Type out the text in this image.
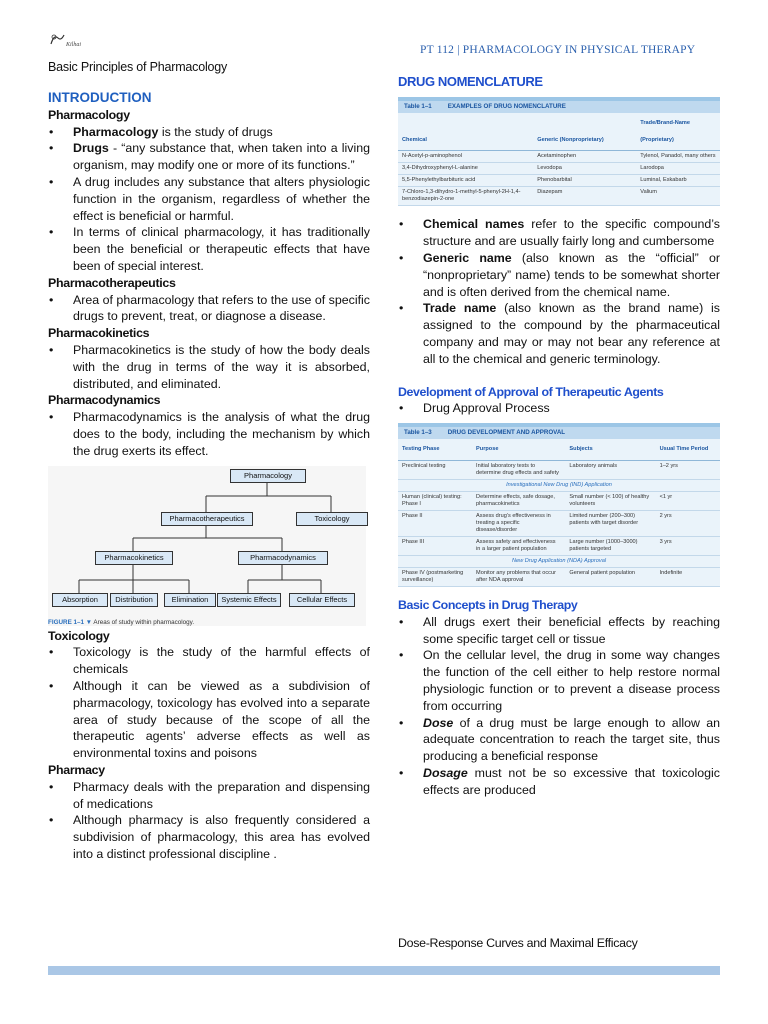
Kilhai	PT 112 | PHARMACOLOGY IN PHYSICAL THERAPY
Basic Principles of Pharmacology

INTRODUCTION

Pharmacology

• Pharmacology is the study of drugs
• Drugs - “any substance that, when taken into a living organism, may modify one or more of its functions.”
• A drug includes any substance that alters physiologic function in the organism, regardless of whether the effect is beneficial or harmful.
• In terms of clinical pharmacology, it has traditionally been the beneficial or therapeutic effects that have been of special interest.

Pharmacotherapeutics

• Area of pharmacology that refers to the use of specific drugs to prevent, treat, or diagnose a disease.

Pharmacokinetics

• Pharmacokinetics is the study of how the body deals with the drug in terms of the way it is absorbed, distributed, and eliminated.

Pharmacodynamics

• Pharmacodynamics is the analysis of what the drug does to the body, including the mechanism by which the drug exerts its effect.
Pharmacology
Pharmacotherapeutics	Toxicology
Pharmacokinetics	Pharmacodynamics
Absorption	Distribution	Elimination	Systemic Effects	Cellular Effects
FIGURE 1–1 ▼ Areas of study within pharmacology.

Toxicology

• Toxicology is the study of the harmful effects of chemicals
• Although it can be viewed as a subdivision of pharmacology, toxicology has evolved into a separate area of study because of the scope of all the therapeutic agents’ adverse effects as well as environmental toxins and poisons

Pharmacy

• Pharmacy deals with the preparation and dispensing of medications
• Although pharmacy is also frequently considered a subdivision of pharmacology, this area has evolved into a distinct professional discipline .

DRUG NOMENCLATURE

Table 1–1	EXAMPLES OF DRUG NOMENCLATURE
Chemical	Generic (Nonproprietary)	Trade/Brand-Name (Proprietary)
N-Acetyl-p-aminophenol	Acetaminophen	Tylenol, Panadol, many others
3,4-Dihydroxyphenyl-L-alanine	Levodopa	Larodopa
5,5-Phenylethylbarbituric acid	Phenobarbital	Luminal, Eskabarb
7-Chloro-1,3-dihydro-1-methyl-5-phenyl-2H-1,4-benzodiazepin-2-one	Diazepam	Valium
• Chemical names refer to the specific compound’s structure and are usually fairly long and cumbersome
• Generic name (also known as the “official” or “nonproprietary” name) tends to be somewhat shorter and is often derived from the chemical name.
• Trade name (also known as the brand name) is assigned to the compound by the pharmaceutical company and may or may not bear any reference at all to the chemical and generic terminology.

Development of Approval of Therapeutic Agents

• Drug Approval Process
Table 1–3	DRUG DEVELOPMENT AND APPROVAL
Testing Phase	Purpose	Subjects	Usual Time Period
Preclinical testing	Initial laboratory tests to determine drug effects and safety	Laboratory animals	1–2 yrs
Investigational New Drug (IND) Application			
Human (clinical) testing: Phase I	Determine effects, safe dosage, pharmacokinetics	Small number (< 100) of healthy volunteers	<1 yr
Phase II	Assess drug’s effectiveness in treating a specific disease/disorder	Limited number (200–300) patients with target disorder	2 yrs
Phase III	Assess safety and effectiveness in a larger patient population	Large number (1000–3000) patients targeted	3 yrs
New Drug Application (NDA) Approval			
Phase IV (postmarketing surveillance)	Monitor any problems that occur after NDA approval	General patient population	Indefinite

Basic Concepts in Drug Therapy

• All drugs exert their beneficial effects by reaching some specific target cell or tissue
• On the cellular level, the drug in some way changes the function of the cell either to help restore normal physiologic function or to prevent a disease process from occurring
• Dose of a drug must be large enough to allow an adequate concentration to reach the target site, thus producing a beneficial response
• Dosage must not be so excessive that toxicologic effects are produced
Dose-Response Curves and Maximal Efficacy
